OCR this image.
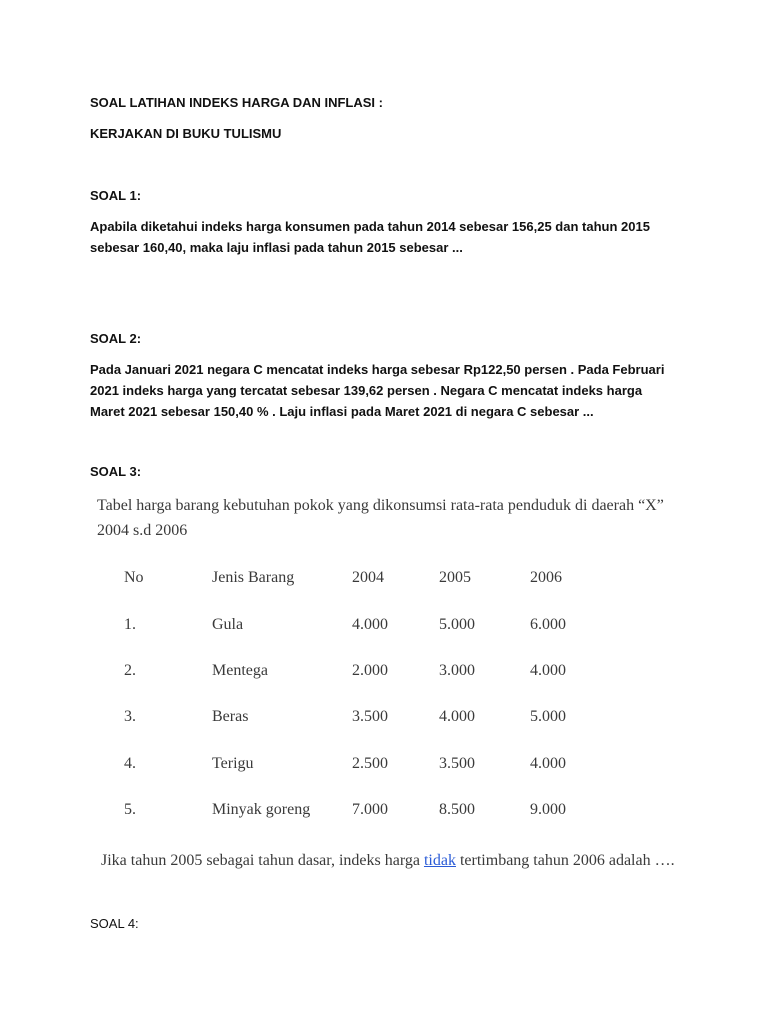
SOAL LATIHAN INDEKS HARGA DAN INFLASI :
KERJAKAN DI BUKU TULISMU
SOAL 1:
Apabila diketahui indeks harga konsumen pada tahun 2014 sebesar 156,25 dan tahun 2015
sebesar 160,40, maka laju inflasi pada tahun 2015 sebesar ...
SOAL 2:
Pada Januari 2021 negara C mencatat indeks harga sebesar Rp122,50 persen . Pada Februari
2021 indeks harga yang tercatat sebesar 139,62 persen . Negara C mencatat indeks harga
Maret 2021 sebesar 150,40 % . Laju inflasi pada Maret 2021 di negara C sebesar ...
SOAL 3:
Tabel harga barang kebutuhan pokok yang dikonsumsi rata-rata penduduk di daerah “X”
2004 s.d 2006
No	Jenis Barang	2004	2005	2006
1.	Gula	4.000	5.000	6.000
2.	Mentega	2.000	3.000	4.000
3.	Beras	3.500	4.000	5.000
4.	Terigu	2.500	3.500	4.000
5.	Minyak goreng	7.000	8.500	9.000
Jika tahun 2005 sebagai tahun dasar, indeks harga tidak tertimbang tahun 2006 adalah ….
SOAL 4:
